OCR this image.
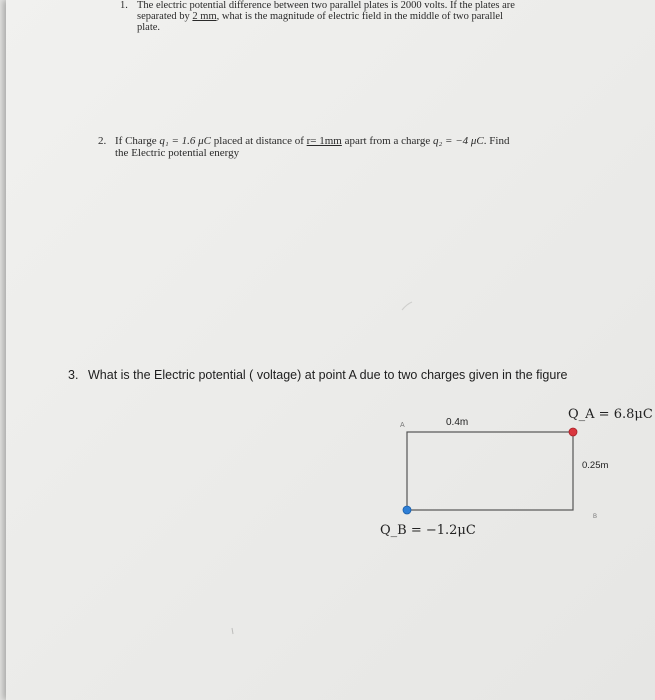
1. The electric potential difference between two parallel plates is 2000 volts. If the plates are
separated by 2 mm, what is the magnitude of electric field in the middle of two parallel
plate.
2. If Charge q₁ = 1.6 μC placed at distance of r= 1mm apart from a charge q₂ = −4 μC. Find
the Electric potential energy
3. What is the Electric potential ( voltage) at point A due to two charges given in the figure
A
B
0.4m
0.25m
Q_A = 6.8μC
Q_B = −1.2μC
